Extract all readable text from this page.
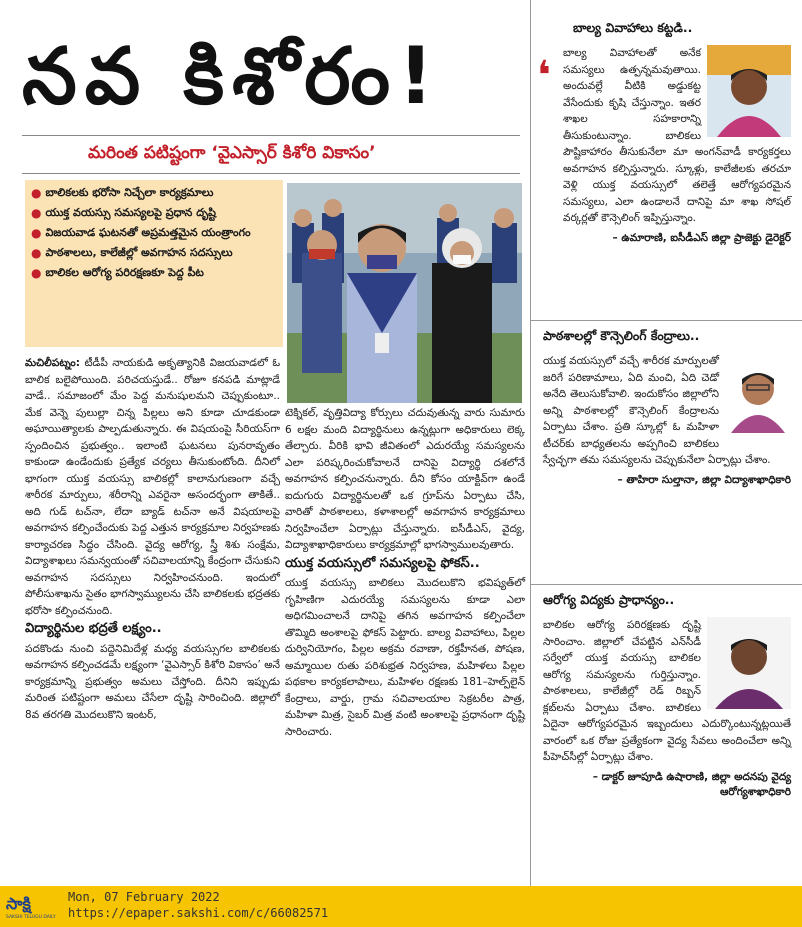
నవ కిశోరం!
మరింత పటిష్టంగా ‘వైఎస్సార్ కిశోరి వికాసం’
● బాలికలకు భరోసా నిచ్చేలా కార్యక్రమాలు
● యుక్త వయస్సు సమస్యలపై ప్రధాన దృష్టి
● విజయవాడ ఘటనతో అప్రమత్తమైన యంత్రాంగం
● పాఠశాలలు, కాలేజీల్లో అవగాహన సదస్సులు
● బాలికల ఆరోగ్య పరిరక్షణకూ పెద్ద పీట

మచిలీపట్నం: టీడీపీ నాయకుడి అకృత్యానికి విజయవాడలో ఓ బాలిక బలైపోయింది. పరిచయస్తుడే.. రోజూ కనపడి మాట్లాడే వాడే.. సమాజంలో మేం పెద్ద మనుషులమని చెప్పుకుంటూ.. మేక వెన్నె పులుల్లా చిన్న పిల్లలు అని కూడా చూడకుండా అఘాయిత్యాలకు పాల్పడుతున్నారు. ఈ విషయంపై సీరియస్‌గా స్పందించిన ప్రభుత్వం.. ఇలాంటి ఘటనలు పునరావృతం కాకుండా ఉండేందుకు ప్రత్యేక చర్యలు తీసుకుంటోంది. దీనిలో భాగంగా యుక్త వయస్సు బాలికల్లో కాలానుగుణంగా వచ్చే శారీరక మార్పులు, శరీరాన్ని ఎవరైనా అసందర్భంగా తాకితే.. అది గుడ్ టచ్‌నా, లేదా బ్యాడ్ టచ్‌నా అనే విషయాలపై అవగాహన కల్పించేందుకు పెద్ద ఎత్తున కార్యక్రమాల నిర్వహణకు కార్యాచరణ సిద్ధం చేసింది. వైద్య ఆరోగ్య, స్త్రీ శిశు సంక్షేమ, విద్యాశాఖలు సమన్వయంతో సచివాలయాన్ని కేంద్రంగా చేసుకుని అవగాహన సదస్సులు నిర్వహించనుంది. ఇందులో పోలీసుశాఖను సైతం భాగస్వామ్యులను చేసి బాలికలకు భద్రతకు భరోసా కల్పించనుంది.

విద్యార్థినుల భద్రతే లక్ష్యం..

పదకొండు నుంచి పద్దెనిమిదేళ్ల మధ్య వయస్సుగల బాలికలకు అవగాహన కల్పించడమే లక్ష్యంగా ‘వైఎస్సార్ కిశోరి వికాసం’ అనే కార్యక్రమాన్ని ప్రభుత్వం అమలు చేస్తోంది. దీనిని ఇప్పుడు మరింత పటిష్టంగా అమలు చేసేలా దృష్టి సారించింది. జిల్లాలో 8వ తరగతి మొదలుకొని ఇంటర్,

టెక్నికల్, వృత్తివిద్యా కోర్సులు చదువుతున్న వారు సుమారు 6 లక్షల మంది విద్యార్థినులు ఉన్నట్లుగా అధికారులు లెక్క తేల్చారు. వీరికి భావి జీవితంలో ఎదురయ్యే సమస్యలను ఎలా పరిష్కరించుకోవాలనే దానిపై విద్యార్థి దశలోనే అవగాహన కల్పించనున్నారు. దీని కోసం యాక్టివ్‌గా ఉండే ఐదుగురు విద్యార్థినులతో ఒక గ్రూప్‌ను ఏర్పాటు చేసి, వారితో పాఠశాలలు, కళాశాలల్లో అవగాహన కార్యక్రమాలు నిర్వహించేలా ఏర్పాట్లు చేస్తున్నారు. ఐసీడీఎస్, వైద్య, విద్యాశాఖాధికారులు కార్యక్రమాల్లో భాగస్వాములవుతారు.

యుక్త వయస్సులో సమస్యలపై ఫోకస్..

యుక్త వయస్సు బాలికలు మొదలుకొని భవిష్యత్‌లో గృహిణిగా ఎదురయ్యే సమస్యలను కూడా ఎలా అధిగమించాలనే దానిపై తగిన అవగాహన కల్పించేలా తొమ్మిది అంశాలపై ఫోకస్ పెట్టారు. బాల్య వివాహాలు, పిల్లల దుర్వినియోగం, పిల్లల అక్రమ రవాణా, రక్తహీనత, పోషణ, అమ్మాయిల రుతు పరిశుభ్రత నిర్వహణ, మహిళలు పిల్లల పథకాల కార్యకలాపాలు, మహిళల రక్షణకు 181–హెల్ప్‌లైన్ కేంద్రాలు, వార్డు, గ్రామ సచివాలయాల సెక్రటరీల పాత్ర, మహిళా మిత్ర, సైబర్ మిత్ర వంటి అంశాలపై ప్రధానంగా దృష్టి సారించారు.

బాల్య వివాహాలు కట్టడి..
❛	బాల్య వివాహాలతో అనేక సమస్యలు ఉత్పన్నమవుతాయి. అందువల్లే వీటికి అడ్డుకట్ట వేసేందుకు కృషి చేస్తున్నాం. ఇతర శాఖల సహకారాన్ని తీసుకుంటున్నాం. బాలికలు పౌష్టికాహారం తీసుకునేలా మా అంగన్‌వాడీ కార్యకర్తలు అవగాహన కల్పిస్తున్నారు. స్కూళ్లు, కాలేజీలకు తరచూ వెళ్లి యుక్త వయస్సులో తలెత్తే ఆరోగ్యపరమైన సమస్యలు, ఎలా ఉండాలనే దానిపై మా శాఖ సోషల్ వర్కర్లతో కౌన్సెలింగ్ ఇప్పిస్తున్నాం.
– ఉమారాణి, ఐసీడీఎస్ జిల్లా ప్రాజెక్టు డైరెక్టర్
పాఠశాలల్లో కౌన్సెలింగ్ కేంద్రాలు..
యుక్త వయస్సులో వచ్చే శారీరక మార్పులతో జరిగే పరిణామాలు, ఏది మంచి, ఏది చెడో అనేది తెలుసుకోవాలి. ఇందుకోసం జిల్లాలోని అన్ని పాఠశాలల్లో కౌన్సెలింగ్ కేంద్రాలను ఏర్పాటు చేశాం. ప్రతి స్కూల్లో ఓ మహిళా టీచర్‌కు బాధ్యతలను అప్పగించి బాలికలు స్వేచ్ఛగా తమ సమస్యలను చెప్పుకునేలా ఏర్పాట్లు చేశాం.
– తాహిరా సుల్తానా, జిల్లా విద్యాశాఖాధికారి
ఆరోగ్య విద్యకు ప్రాధాన్యం..
బాలికల ఆరోగ్య పరిరక్షణకు దృష్టి సారించాం. జిల్లాలో చేపట్టిన ఎన్‌సీడీ సర్వేలో యుక్త వయస్సు బాలికల ఆరోగ్య సమస్యలను గుర్తిస్తున్నాం. పాఠశాలలు, కాలేజీల్లో రెడ్ రిబ్బన్ క్లబ్‌లను ఏర్పాటు చేశాం. బాలికలు ఏదైనా ఆరోగ్యపరమైన ఇబ్బందులు ఎదుర్కొంటున్నట్లయితే వారంలో ఒక రోజు ప్రత్యేకంగా వైద్య సేవలు అందించేలా అన్ని పీహెచ్‌సీల్లో ఏర్పాట్లు చేశాం.
– డాక్టర్ జూపూడి ఉషారాణి, జిల్లా అదనపు వైద్య ఆరోగ్యశాఖాధికారి
సాక్షి
SAKSHI TELUGU DAILY
Mon, 07 February 2022
https://epaper.sakshi.com/c/66082571
